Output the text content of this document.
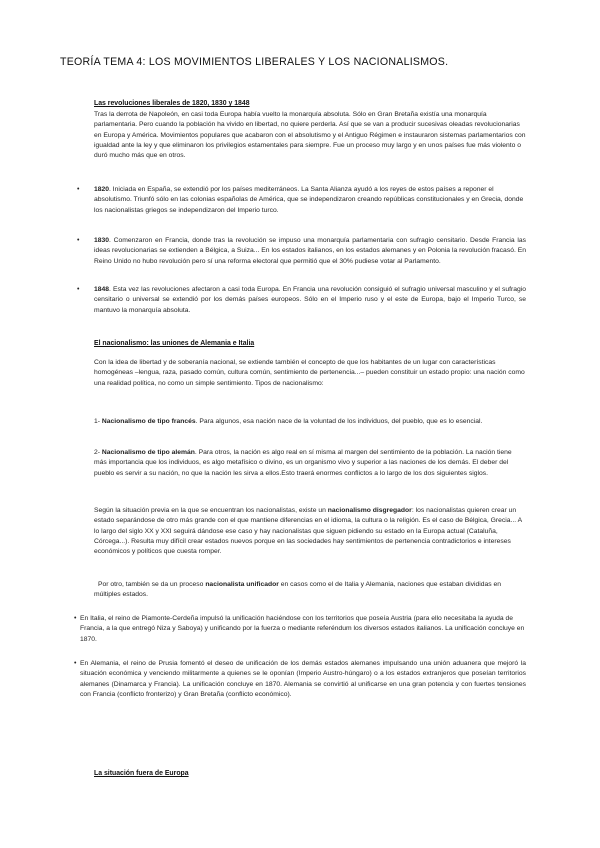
TEORÍA TEMA 4: LOS MOVIMIENTOS LIBERALES Y LOS NACIONALISMOS.
Las revoluciones liberales de 1820, 1830 y 1848
Tras la derrota de Napoleón, en casi toda Europa había vuelto la monarquía absoluta. Sólo en Gran Bretaña existía una monarquía parlamentaria. Pero cuando la población ha vivido en libertad, no quiere perderla. Así que se van a producir sucesivas oleadas revolucionarias en Europa y América. Movimientos populares que acabaron con el absolutismo y el Antiguo Régimen e instauraron sistemas parlamentarios con igualdad ante la ley y que eliminaron los privilegios estamentales para siempre. Fue un proceso muy largo y en unos países fue más violento o duró mucho más que en otros.
• 1820. Iniciada en España, se extendió por los países mediterráneos. La Santa Alianza ayudó a los reyes de estos países a reponer el absolutismo. Triunfó sólo en las colonias españolas de América, que se independizaron creando repúblicas constitucionales y en Grecia, donde los nacionalistas griegos se independizaron del Imperio turco.
• 1830. Comenzaron en Francia, donde tras la revolución se impuso una monarquía parlamentaria con sufragio censitario. Desde Francia las ideas revolucionarias se extienden a Bélgica, a Suiza... En los estados italianos, en los estados alemanes y en Polonia la revolución fracasó. En Reino Unido no hubo revolución pero sí una reforma electoral que permitió que el 30% pudiese votar al Parlamento.
• 1848. Esta vez las revoluciones afectaron a casi toda Europa. En Francia una revolución consiguió el sufragio universal masculino y el sufragio censitario o universal se extendió por los demás países europeos. Sólo en el Imperio ruso y el este de Europa, bajo el Imperio Turco, se mantuvo la monarquía absoluta.
El nacionalismo: las uniones de Alemania e Italia
Con la idea de libertad y de soberanía nacional, se extiende también el concepto de que los habitantes de un lugar con características homogéneas –lengua, raza, pasado común, cultura común, sentimiento de pertenencia...– pueden constituir un estado propio: una nación como una realidad política, no como un simple sentimiento. Tipos de nacionalismo:
1- Nacionalismo de tipo francés. Para algunos, esa nación nace de la voluntad de los individuos, del pueblo, que es lo esencial.
2- Nacionalismo de tipo alemán. Para otros, la nación es algo real en sí misma al margen del sentimiento de la población. La nación tiene más importancia que los individuos, es algo metafísico o divino, es un organismo vivo y superior a las naciones de los demás. El deber del pueblo es servir a su nación, no que la nación les sirva a ellos.Esto traerá enormes conflictos a lo largo de los dos siguientes siglos.
Según la situación previa en la que se encuentran los nacionalistas, existe un nacionalismo disgregador: los nacionalistas quieren crear un estado separándose de otro más grande con el que mantiene diferencias en el idioma, la cultura o la religión. Es el caso de Bélgica, Grecia... A lo largo del siglo XX y XXI seguirá dándose ese caso y hay nacionalistas que siguen pidiendo su estado en la Europa actual (Cataluña, Córcega...). Resulta muy difícil crear estados nuevos porque en las sociedades hay sentimientos de pertenencia contradictorios e intereses económicos y políticos que cuesta romper.
Por otro, también se da un proceso nacionalista unificador en casos como el de Italia y Alemania, naciones que estaban divididas en múltiples estados.
• En Italia, el reino de Piamonte-Cerdeña impulsó la unificación haciéndose con los territorios que poseía Austria (para ello necesitaba la ayuda de Francia, a la que entregó Niza y Saboya) y unificando por la fuerza o mediante referéndum los diversos estados italianos. La unificación concluye en 1870.
• En Alemania, el reino de Prusia fomentó el deseo de unificación de los demás estados alemanes impulsando una unión aduanera que mejoró la situación económica y venciendo militarmente a quienes se le oponían (Imperio Austro-húngaro) o a los estados extranjeros que poseían territorios alemanes (Dinamarca y Francia). La unificación concluye en 1870. Alemania se convirtió al unificarse en una gran potencia y con fuertes tensiones con Francia (conflicto fronterizo) y Gran Bretaña (conflicto económico).
La situación fuera de Europa
